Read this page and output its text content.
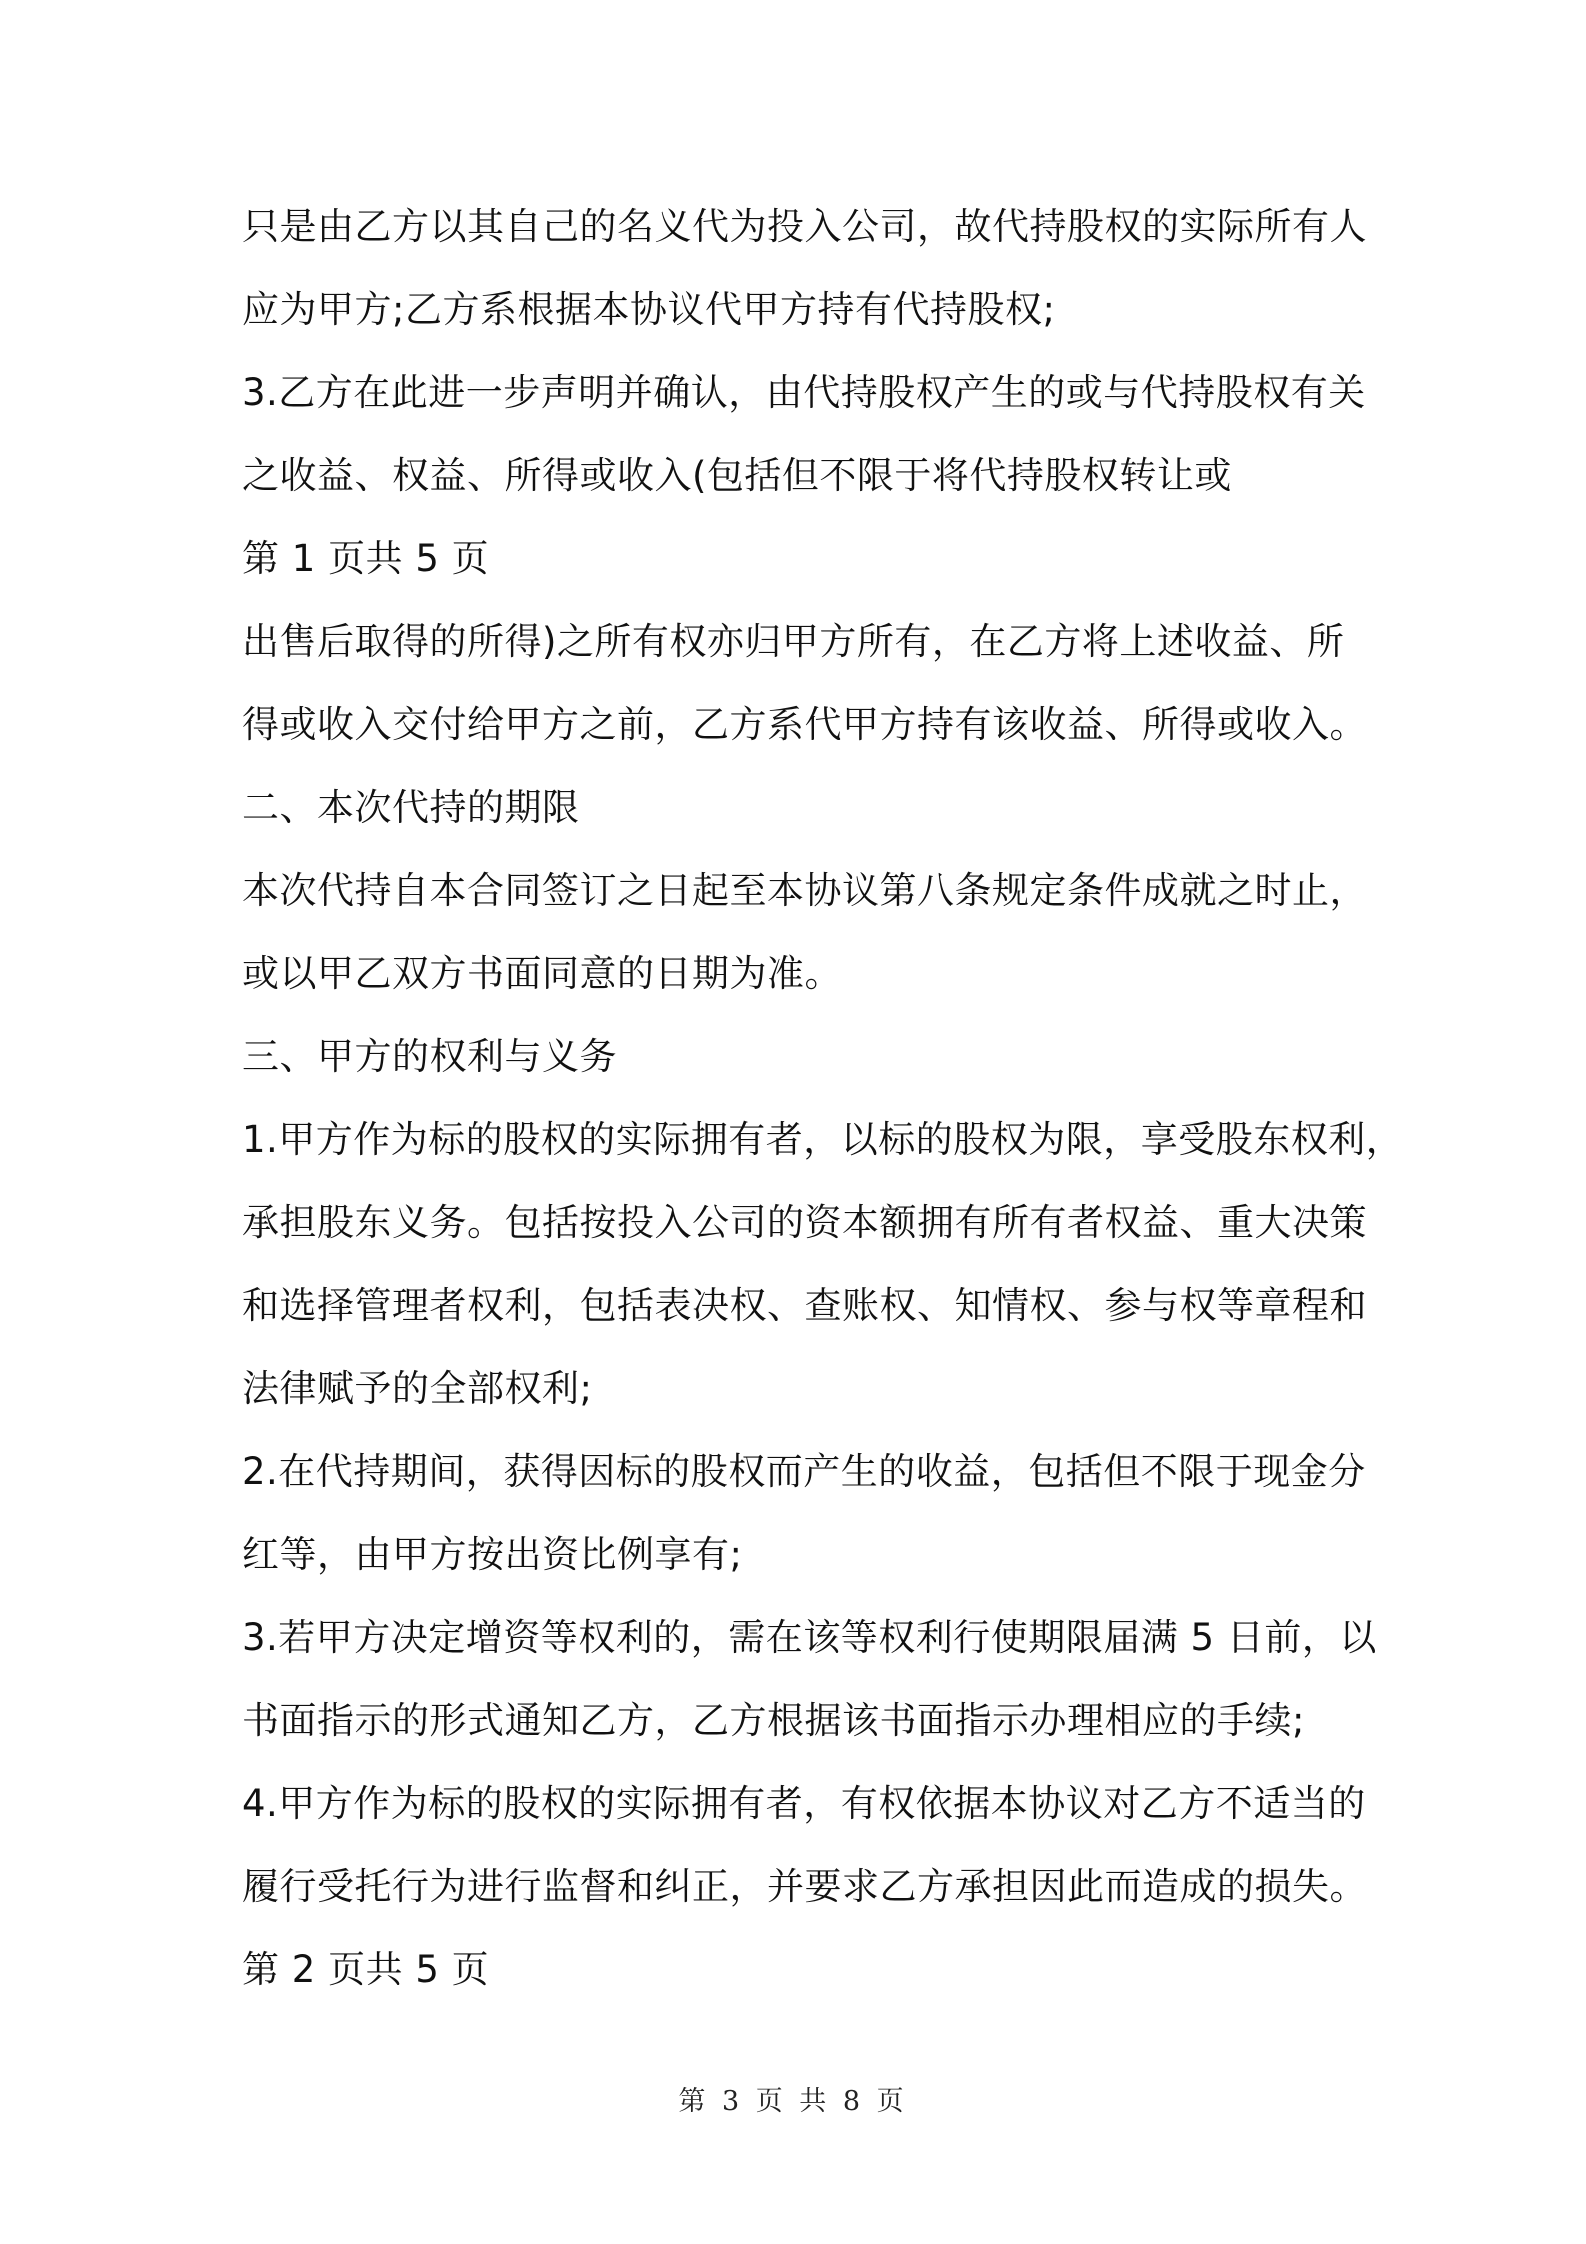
只是由乙方以其自己的名义代为投入公司，故代持股权的实际所有人
应为甲方;乙方系根据本协议代甲方持有代持股权;
3.乙方在此进一步声明并确认，由代持股权产生的或与代持股权有关
之收益、权益、所得或收入(包括但不限于将代持股权转让或
第 1 页共 5 页
出售后取得的所得)之所有权亦归甲方所有，在乙方将上述收益、所
得或收入交付给甲方之前，乙方系代甲方持有该收益、所得或收入。
二、本次代持的期限
本次代持自本合同签订之日起至本协议第八条规定条件成就之时止，
或以甲乙双方书面同意的日期为准。
三、甲方的权利与义务
1.甲方作为标的股权的实际拥有者，以标的股权为限，享受股东权利，
承担股东义务。包括按投入公司的资本额拥有所有者权益、重大决策
和选择管理者权利，包括表决权、查账权、知情权、参与权等章程和
法律赋予的全部权利;
2.在代持期间，获得因标的股权而产生的收益，包括但不限于现金分
红等，由甲方按出资比例享有;
3.若甲方决定增资等权利的，需在该等权利行使期限届满 5 日前，以
书面指示的形式通知乙方，乙方根据该书面指示办理相应的手续;
4.甲方作为标的股权的实际拥有者，有权依据本协议对乙方不适当的
履行受托行为进行监督和纠正，并要求乙方承担因此而造成的损失。
第 2 页共 5 页
第 3 页 共 8 页
